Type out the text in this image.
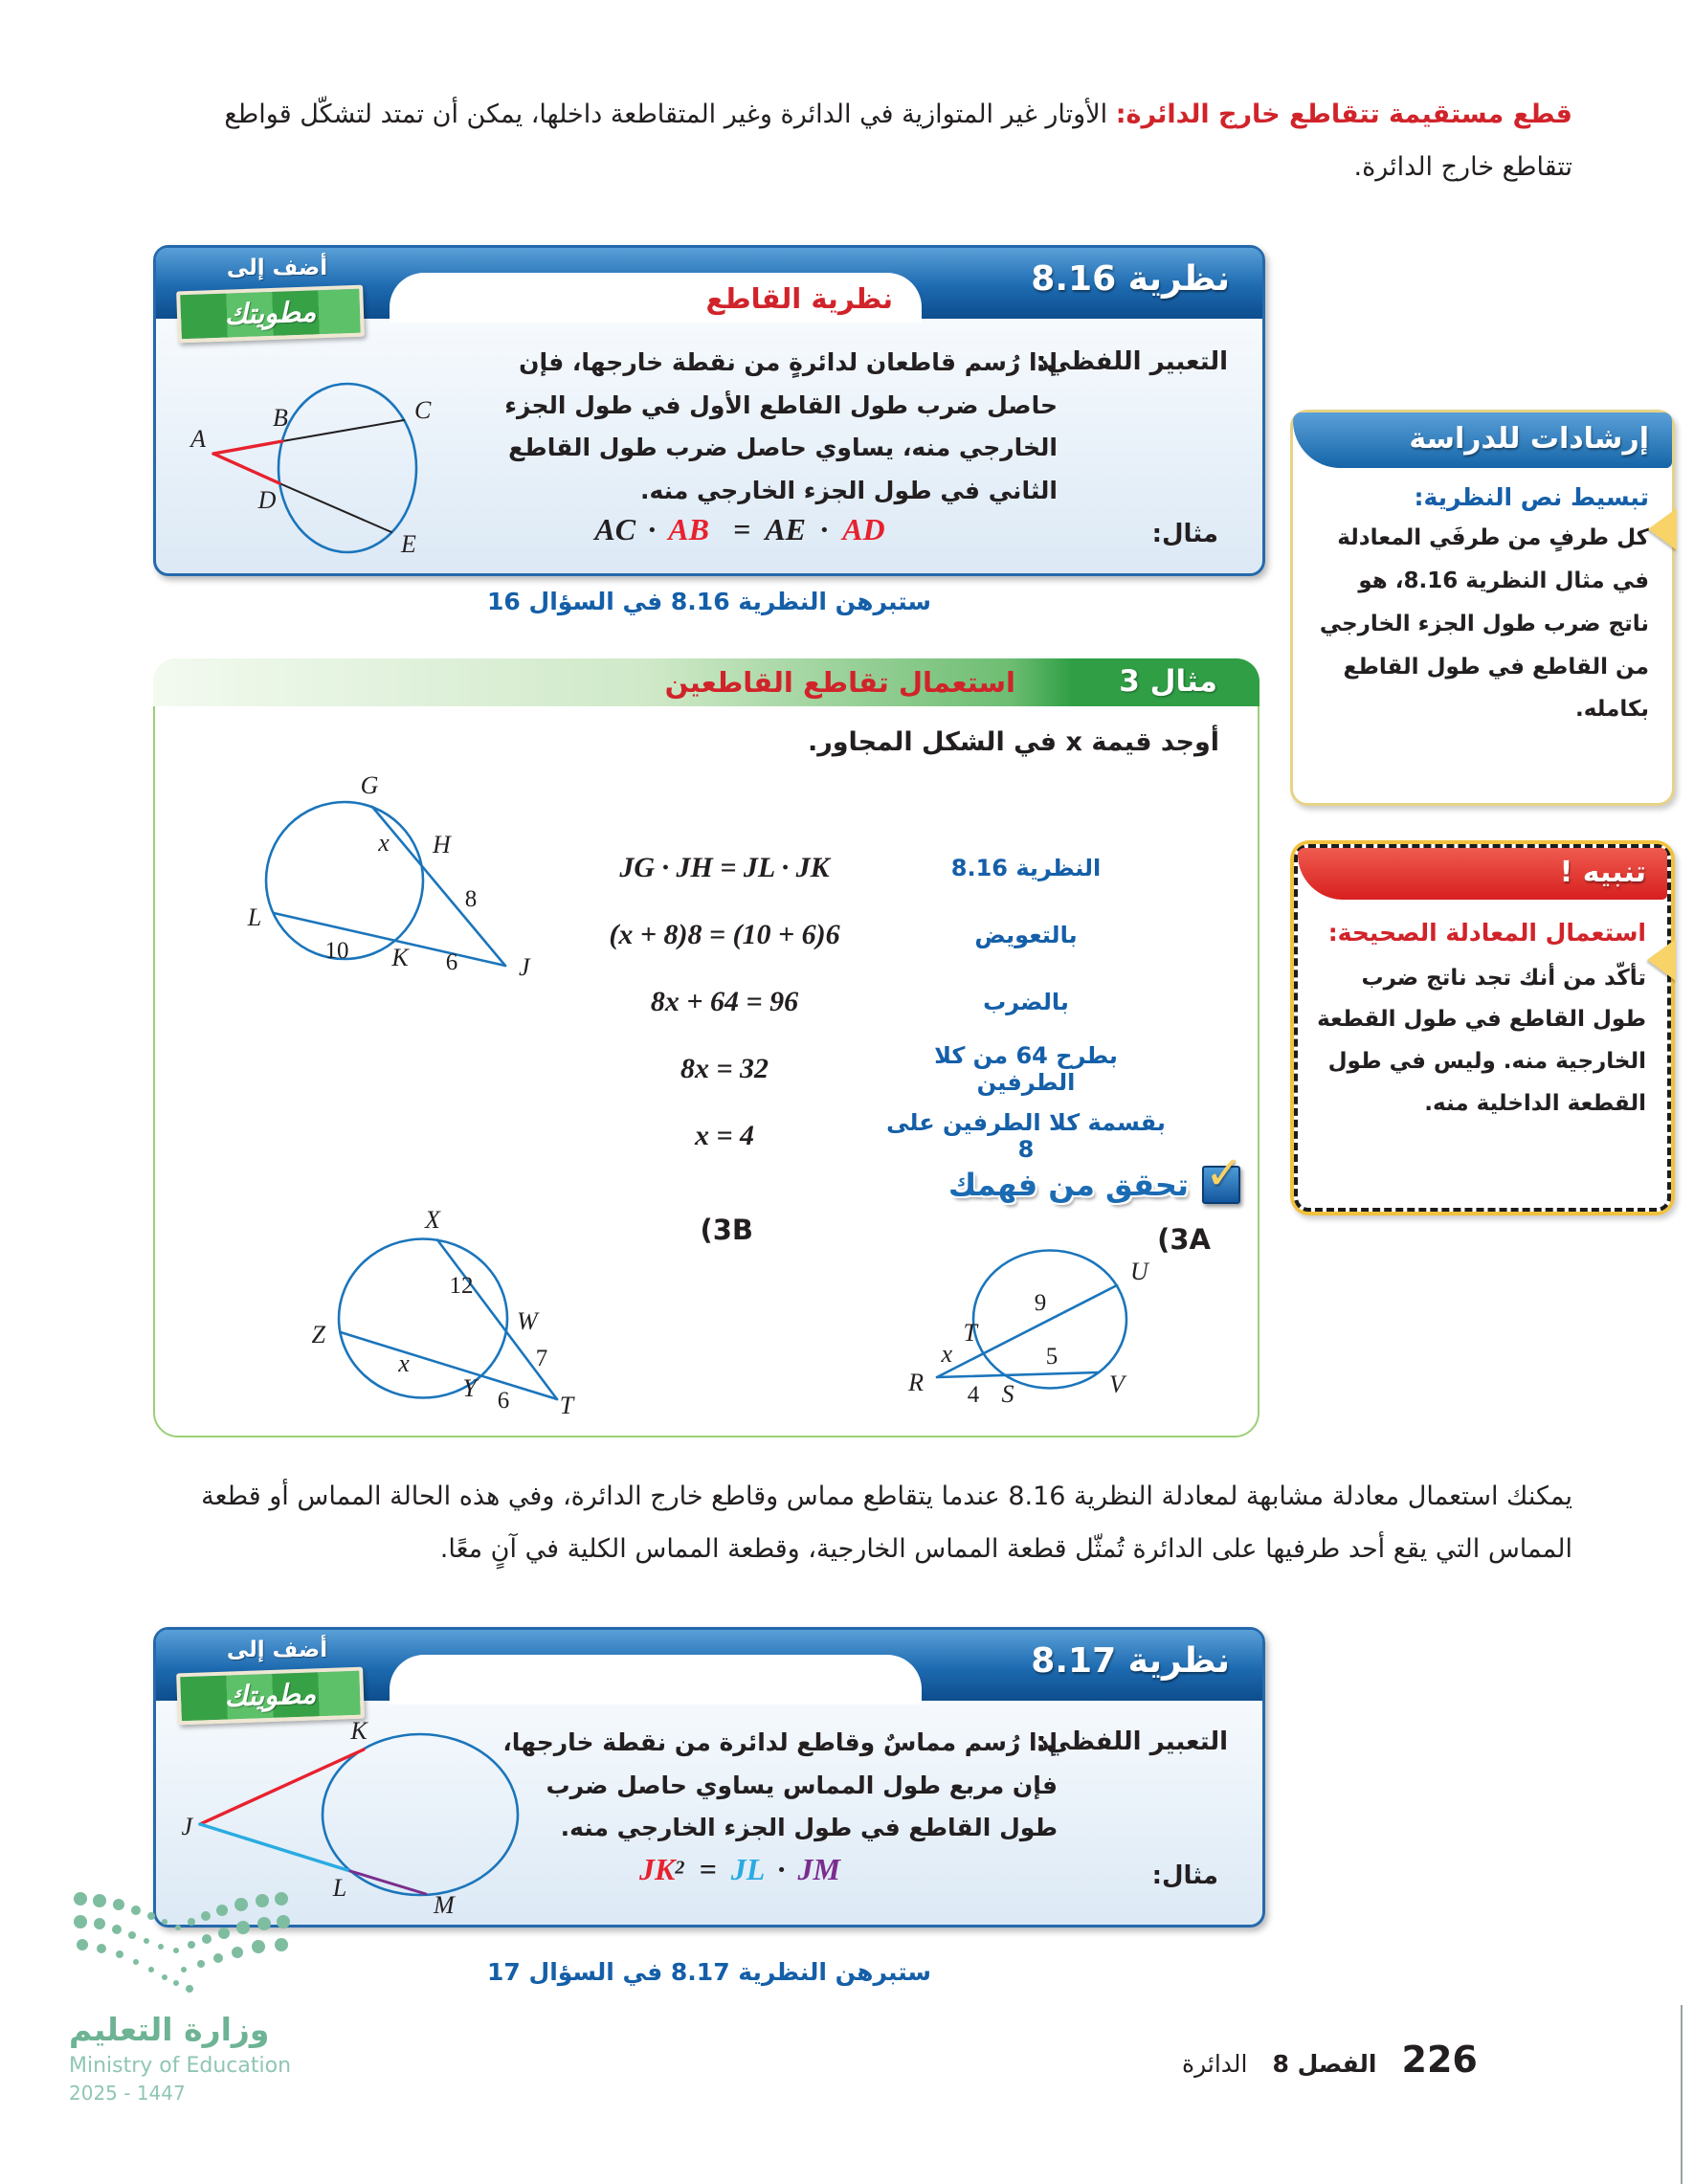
قطع مستقيمة تتقاطع خارج الدائرة: الأوتار غير المتوازية في الدائرة وغير المتقاطعة داخلها، يمكن أن تمتد لتشكّل قواطع تتقاطع خارج الدائرة.
نظرية 8.16
نظرية القاطع
أضف إلى
مطويتك
التعبير اللفظي:
إذا رُسم قاطعان لدائرةٍ من نقطة خارجها، فإن حاصل ضرب طول القاطع الأول في طول الجزء الخارجي منه، يساوي حاصل ضرب طول القاطع الثاني في طول الجزء الخارجي منه.
مثال:
AC · AB = AE · AD
A
B	C
D
E
ستبرهن النظرية 8.16 في السؤال 16
مثال 3
استعمال تقاطع القاطعين
أوجد قيمة x في الشكل المجاور.
G
x H
8
L
10 K 6 J
النظرية 8.16
JG · JH = JL · JK
بالتعويض
(x + 8)8 = (10 + 6)6
بالضرب
8x + 64 = 96
بطرح 64 من كلا الطرفين
8x = 32
بقسمة كلا الطرفين على 8
x = 4
✓
تحقق من فهمك
(3A
U
9
T
x
R 4 S
5
V
(3B
X
12
W
7
T
Y 6
Z
x
إرشادات للدراسة
تبسيط نص النظرية:
كل طرفٍ من طرفَي المعادلة في مثال النظرية 8.16، هو ناتج ضرب طول الجزء الخارجي من القاطع في طول القاطع بكامله.
تنبيه !
استعمال المعادلة الصحيحة:
تأكّد من أنك تجد ناتج ضرب طول القاطع في طول القطعة الخارجية منه. وليس في طول القطعة الداخلية منه.
يمكنك استعمال معادلة مشابهة لمعادلة النظرية 8.16 عندما يتقاطع مماس وقاطع خارج الدائرة، وفي هذه الحالة المماس أو قطعة المماس التي يقع أحد طرفيها على الدائرة تُمثّل قطعة المماس الخارجية، وقطعة المماس الكلية في آنٍ معًا.
نظرية 8.17
أضف إلى
مطويتك
التعبير اللفظي:
إذا رُسم مماسٌ وقاطع لدائرة من نقطة خارجها، فإن مربع طول المماس يساوي حاصل ضرب طول القاطع في طول الجزء الخارجي منه.
مثال:
$JK^2$ = JL · JM
K
J
L
M
ستبرهن النظرية 8.17 في السؤال 17
وزارة التعليم
Ministry of Education
2025 - 1447
226
الفصل 8
الدائرة
